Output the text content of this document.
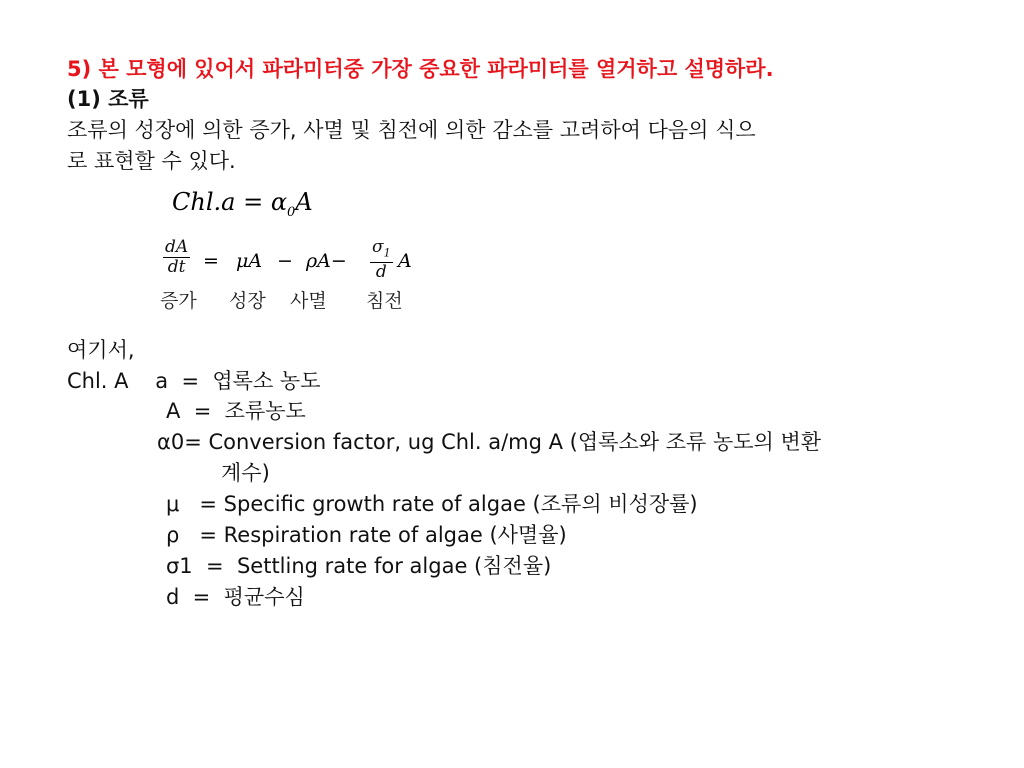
5) 본 모형에 있어서 파라미터중 가장 중요한 파라미터를 열거하고 설명하라.
(1) 조류
조류의 성장에 의한 증가, 사멸 및 침전에 의한 감소를 고려하여 다음의 식으
로 표현할 수 있다.
$Chl.a = \alpha_0A$
$\frac{dA}{dt} = \mu A - \rho A- \frac{\sigma_1}{d}$ A
증가 성장 사멸 침전
여기서,
Chl. A    a  =  엽록소 농도
A  =  조류농도
α0= Conversion factor, ug Chl. a/mg A (엽록소와 조류 농도의 변환
계수)
μ   = Specific growth rate of algae (조류의 비성장률)
ρ   = Respiration rate of algae (사멸율)
σ1  =  Settling rate for algae (침전율)
d  =  평균수심
